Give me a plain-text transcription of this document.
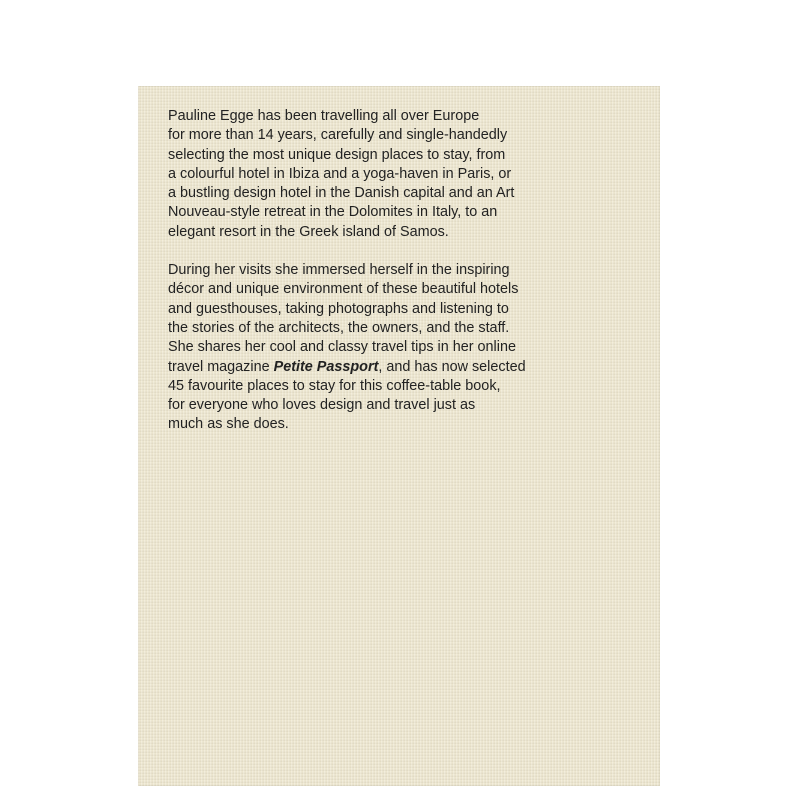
Pauline Egge has been travelling all over Europe
for more than 14 years, carefully and single-handedly
selecting the most unique design places to stay, from
a colourful hotel in Ibiza and a yoga-haven in Paris, or
a bustling design hotel in the Danish capital and an Art
Nouveau-style retreat in the Dolomites in Italy, to an
elegant resort in the Greek island of Samos.

During her visits she immersed herself in the inspiring
décor and unique environment of these beautiful hotels
and guesthouses, taking photographs and listening to
the stories of the architects, the owners, and the staff.
She shares her cool and classy travel tips in her online
travel magazine Petite Passport, and has now selected
45 favourite places to stay for this coffee-table book,
for everyone who loves design and travel just as
much as she does.
